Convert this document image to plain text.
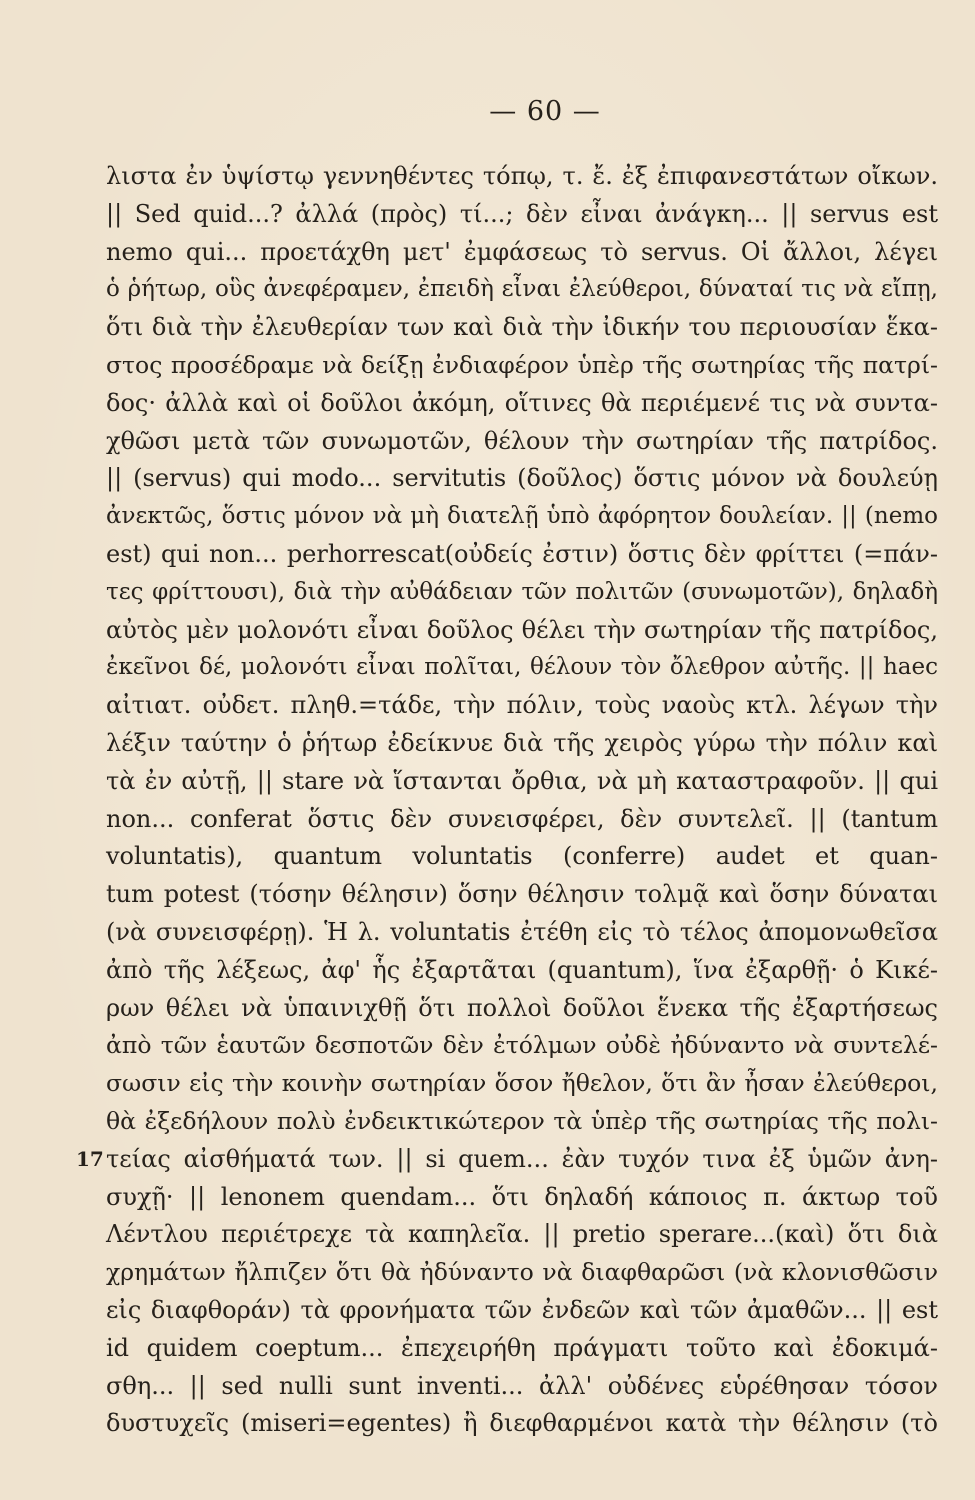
— 60 —
λιστα ἐν ὑψίστῳ γεννηθέντες τόπῳ, τ. ἔ. ἐξ ἐπιφανεστάτων οἴκων.
|| Sed quid...? ἀλλά (πρὸς) τί...; δὲν εἶναι ἀνάγκη... || servus est
nemo qui... προετάχθη μετ' ἐμφάσεως τὸ servus. Οἱ ἄλλοι, λέγει
ὁ ῥήτωρ, οὓς ἀνεφέραμεν, ἐπειδὴ εἶναι ἐλεύθεροι, δύναταί τις νὰ εἴπῃ,
ὅτι διὰ τὴν ἐλευθερίαν των καὶ διὰ τὴν ἰδικήν του περιουσίαν ἕκα-
στος προσέδραμε νὰ δείξῃ ἐνδιαφέρον ὑπὲρ τῆς σωτηρίας τῆς πατρί-
δος· ἀλλὰ καὶ οἱ δοῦλοι ἀκόμη, οἵτινες θὰ περιέμενέ τις νὰ συντα-
χθῶσι μετὰ τῶν συνωμοτῶν, θέλουν τὴν σωτηρίαν τῆς πατρίδος.
|| (servus) qui modo... servitutis (δοῦλος) ὅστις μόνον νὰ δουλεύῃ
ἀνεκτῶς, ὅστις μόνον νὰ μὴ διατελῇ ὑπὸ ἀφόρητον δουλείαν. || (nemo
est) qui non... perhorrescat(οὐδείς ἐστιν) ὅστις δὲν φρίττει (=πάν-
τες φρίττουσι), διὰ τὴν αὐθάδειαν τῶν πολιτῶν (συνωμοτῶν), δηλαδὴ
αὐτὸς μὲν μολονότι εἶναι δοῦλος θέλει τὴν σωτηρίαν τῆς πατρίδος,
ἐκεῖνοι δέ, μολονότι εἶναι πολῖται, θέλουν τὸν ὄλεθρον αὐτῆς. || haec
αἰτιατ. οὐδετ. πληθ.=τάδε, τὴν πόλιν, τοὺς ναοὺς κτλ. λέγων τὴν
λέξιν ταύτην ὁ ῥήτωρ ἐδείκνυε διὰ τῆς χειρὸς γύρω τὴν πόλιν καὶ
τὰ ἐν αὐτῇ, || stare νὰ ἵστανται ὄρθια, νὰ μὴ καταστραφοῦν. || qui
non... conferat ὅστις δὲν συνεισφέρει, δὲν συντελεῖ. || (tantum
voluntatis), quantum voluntatis (conferre) audet et quan-
tum potest (τόσην θέλησιν) ὅσην θέλησιν τολμᾷ καὶ ὅσην δύναται
(νὰ συνεισφέρῃ). Ἡ λ. voluntatis ἐτέθη εἰς τὸ τέλος ἀπομονωθεῖσα
ἀπὸ τῆς λέξεως, ἀφ' ἧς ἐξαρτᾶται (quantum), ἵνα ἐξαρθῇ· ὁ Κικέ-
ρων θέλει νὰ ὑπαινιχθῇ ὅτι πολλοὶ δοῦλοι ἕνεκα τῆς ἐξαρτήσεως
ἀπὸ τῶν ἑαυτῶν δεσποτῶν δὲν ἐτόλμων οὐδὲ ἠδύναντο νὰ συντελέ-
σωσιν εἰς τὴν κοινὴν σωτηρίαν ὅσον ἤθελον, ὅτι ἂν ἦσαν ἐλεύθεροι,
θὰ ἐξεδήλουν πολὺ ἐνδεικτικώτερον τὰ ὑπὲρ τῆς σωτηρίας τῆς πολι-
17 τείας αἰσθήματά των. || si quem... ἐὰν τυχόν τινα ἐξ ὑμῶν ἀνη-
συχῇ· || lenonem quendam... ὅτι δηλαδή κάποιος π. άκτωρ τοῦ
Λέντλου περιέτρεχε τὰ καπηλεῖα. || pretio sperare...(καὶ) ὅτι διὰ
χρημάτων ἤλπιζεν ὅτι θὰ ἠδύναντο νὰ διαφθαρῶσι (νὰ κλονισθῶσιν
εἰς διαφθοράν) τὰ φρονήματα τῶν ἐνδεῶν καὶ τῶν ἀμαθῶν... || est
id quidem coeptum... ἐπεχειρήθη πράγματι τοῦτο καὶ ἐδοκιμά-
σθη... || sed nulli sunt inventi... ἀλλ' οὐδένες εὑρέθησαν τόσον
δυστυχεῖς (miseri=egentes) ἢ διεφθαρμένοι κατὰ τὴν θέλησιν (τὸ
